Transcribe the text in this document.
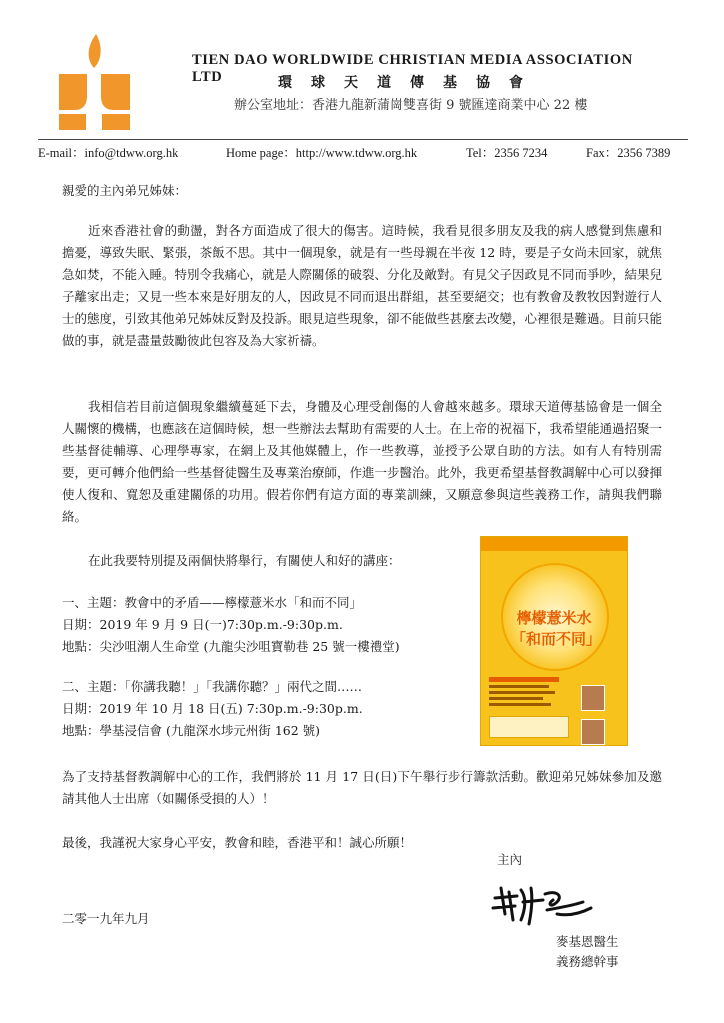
TIEN DAO WORLDWIDE CHRISTIAN MEDIA ASSOCIATION LTD	環球天道傳基協會
辦公室地址：香港九龍新蒲崗雙喜街 9 號匯達商業中心 22 樓
E-mail：info@tdww.org.hk	Home page：http://www.tdww.org.hk	Tel：2356 7234	Fax：2356 7389
親愛的主內弟兄姊妹：
近來香港社會的動盪，對各方面造成了很大的傷害。這時候，我看見很多朋友及我的病人感覺到焦慮和擔憂，導致失眠、緊張，茶飯不思。其中一個現象，就是有一些母親在半夜 12 時，要是子女尚未回家，就焦急如焚，不能入睡。特別令我痛心，就是人際關係的破裂、分化及敵對。有見父子因政見不同而爭吵，結果兒子離家出走；又見一些本來是好朋友的人，因政見不同而退出群組，甚至要絕交；也有教會及教牧因對遊行人士的態度，引致其他弟兄姊妹反對及投訴。眼見這些現象，卻不能做些甚麼去改變，心裡很是難過。目前只能做的事，就是盡量鼓勵彼此包容及為大家祈禱。
我相信若目前這個現象繼續蔓延下去，身體及心理受創傷的人會越來越多。環球天道傳基協會是一個全人關懷的機構，也應該在這個時候，想一些辦法去幫助有需要的人士。在上帝的祝福下，我希望能通過招聚一些基督徒輔導、心理學專家，在網上及其他媒體上，作一些教導，並授予公眾自助的方法。如有人有特別需要，更可轉介他們給一些基督徒醫生及專業治療師，作進一步醫治。此外，我更希望基督教調解中心可以發揮使人復和、寬恕及重建關係的功用。假若你們有這方面的專業訓練，又願意參與這些義務工作，請與我們聯絡。
在此我要特別提及兩個快將舉行，有關使人和好的講座：
一、主題：教會中的矛盾——檸檬薏米水「和而不同」
日期：2019 年 9 月 9 日(一)7:30p.m.-9:30p.m.
地點：尖沙咀潮人生命堂 (九龍尖沙咀寶勒巷 25 號一樓禮堂)
二、主題：「你講我聽！」「我講你聽？」兩代之間……
日期：2019 年 10 月 18 日(五) 7:30p.m.-9:30p.m.
地點：學基浸信會 (九龍深水埗元州街 162 號)
為了支持基督教調解中心的工作，我們將於 11 月 17 日(日)下午舉行步行籌款活動。歡迎弟兄姊妹參加及邀請其他人士出席（如關係受損的人）！
最後，我謹祝大家身心平安，教會和睦，香港平和！誠心所願！
二零一九年九月
檸檬薏米水「和而不同」
主內
麥基恩醫生
義務總幹事
